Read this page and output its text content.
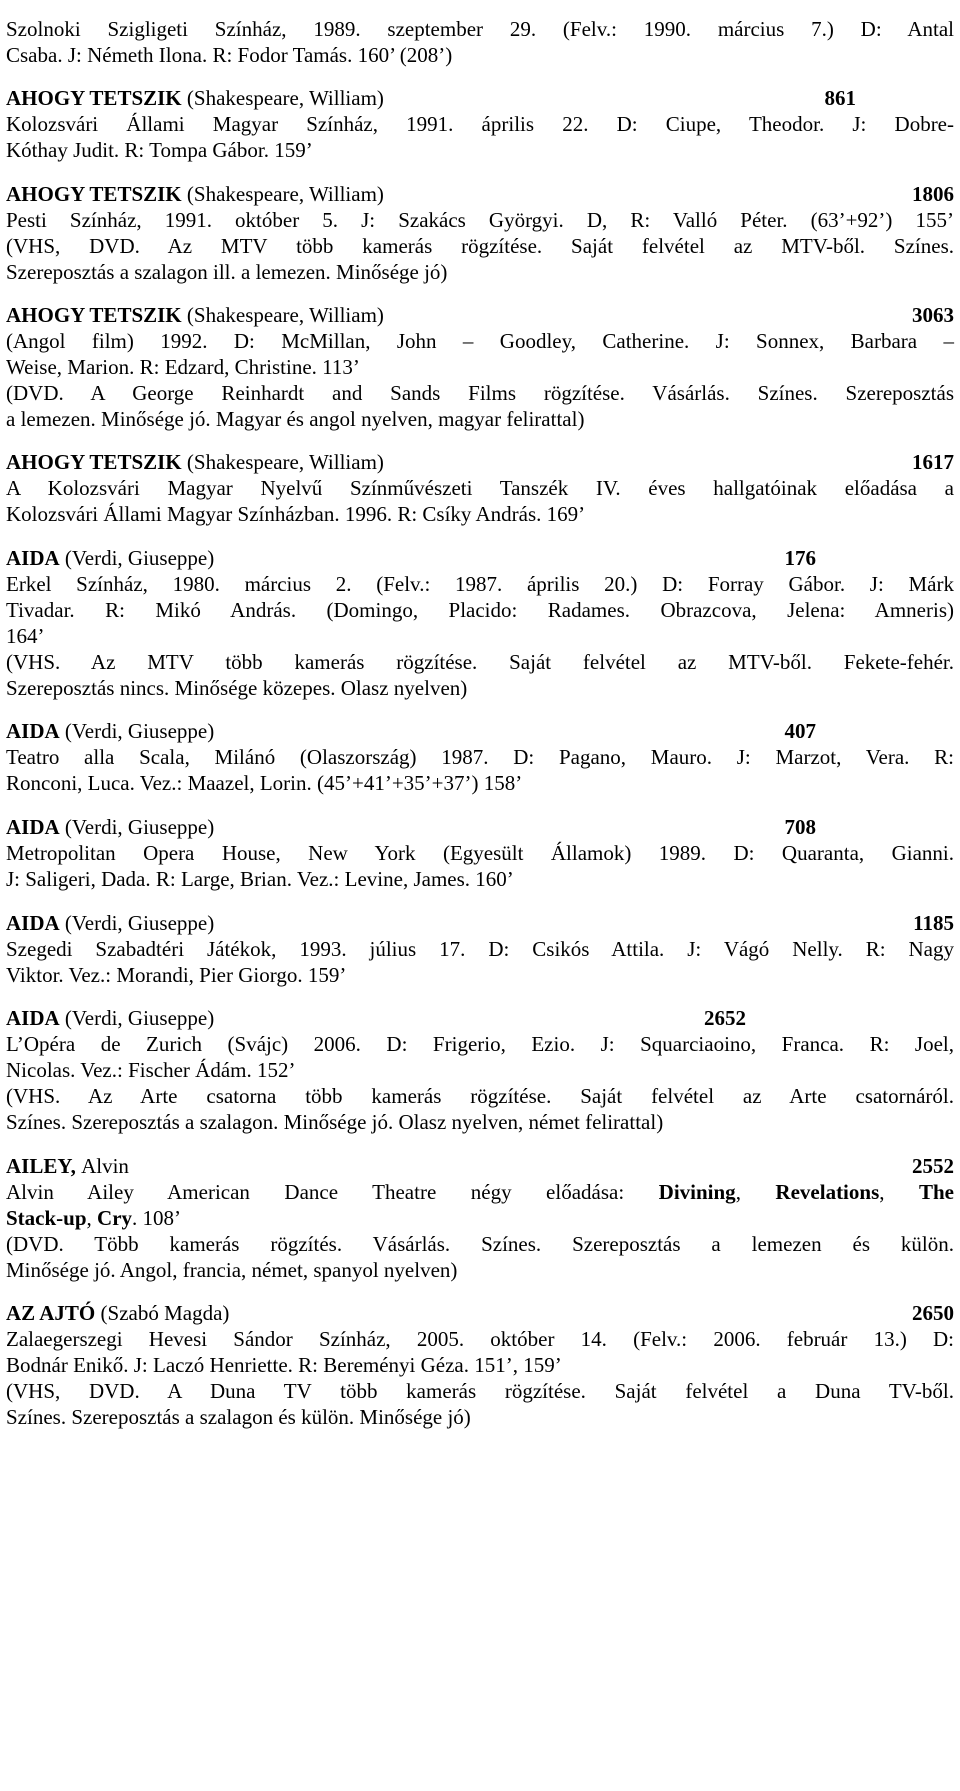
Szolnoki Szigligeti Színház, 1989. szeptember 29. (Felv.: 1990. március 7.) D: Antal
Csaba. J: Németh Ilona. R: Fodor Tamás. 160’ (208’)
AHOGY TETSZIK (Shakespeare, William)	861
Kolozsvári Állami Magyar Színház, 1991. április 22. D: Ciupe, Theodor. J: Dobre-
Kóthay Judit. R: Tompa Gábor. 159’
AHOGY TETSZIK (Shakespeare, William)	1806
Pesti Színház, 1991. október 5. J: Szakács Györgyi. D, R: Valló Péter. (63’+92’) 155’
(VHS, DVD. Az MTV több kamerás rögzítése. Saját felvétel az MTV-ből. Színes.
Szereposztás a szalagon ill. a lemezen. Minősége jó)
AHOGY TETSZIK (Shakespeare, William)	3063
(Angol film) 1992. D: McMillan, John – Goodley, Catherine. J: Sonnex, Barbara –
Weise, Marion. R: Edzard, Christine. 113’
(DVD. A George Reinhardt and Sands Films rögzítése. Vásárlás. Színes. Szereposztás
a lemezen. Minősége jó. Magyar és angol nyelven, magyar felirattal)
AHOGY TETSZIK (Shakespeare, William)	1617
A Kolozsvári Magyar Nyelvű Színművészeti Tanszék IV. éves hallgatóinak előadása a
Kolozsvári Állami Magyar Színházban. 1996. R: Csíky András. 169’
AIDA (Verdi, Giuseppe)	176
Erkel Színház, 1980. március 2. (Felv.: 1987. április 20.) D: Forray Gábor. J: Márk
Tivadar. R: Mikó András. (Domingo, Placido: Radames. Obrazcova, Jelena: Amneris)
164’
(VHS. Az MTV több kamerás rögzítése. Saját felvétel az MTV-ből. Fekete-fehér.
Szereposztás nincs. Minősége közepes. Olasz nyelven)
AIDA (Verdi, Giuseppe)	407
Teatro alla Scala, Milánó (Olaszország) 1987. D: Pagano, Mauro. J: Marzot, Vera. R:
Ronconi, Luca. Vez.: Maazel, Lorin. (45’+41’+35’+37’) 158’
AIDA (Verdi, Giuseppe)	708
Metropolitan Opera House, New York (Egyesült Államok) 1989. D: Quaranta, Gianni.
J: Saligeri, Dada. R: Large, Brian. Vez.: Levine, James. 160’
AIDA (Verdi, Giuseppe)	1185
Szegedi Szabadtéri Játékok, 1993. július 17. D: Csikós Attila. J: Vágó Nelly. R: Nagy
Viktor. Vez.: Morandi, Pier Giorgo. 159’
AIDA (Verdi, Giuseppe)	2652
L’Opéra de Zurich (Svájc) 2006. D: Frigerio, Ezio. J: Squarciaoino, Franca. R: Joel,
Nicolas. Vez.: Fischer Ádám. 152’
(VHS. Az Arte csatorna több kamerás rögzítése. Saját felvétel az Arte csatornáról.
Színes. Szereposztás a szalagon. Minősége jó. Olasz nyelven, német felirattal)
AILEY, Alvin	2552
Alvin Ailey American Dance Theatre négy előadása: Divining, Revelations, The
Stack-up, Cry. 108’
(DVD. Több kamerás rögzítés. Vásárlás. Színes. Szereposztás a lemezen és külön.
Minősége jó. Angol, francia, német, spanyol nyelven)
AZ AJTÓ (Szabó Magda)	2650
Zalaegerszegi Hevesi Sándor Színház, 2005. október 14. (Felv.: 2006. február 13.) D:
Bodnár Enikő. J: Laczó Henriette. R: Bereményi Géza. 151’, 159’
(VHS, DVD. A Duna TV több kamerás rögzítése. Saját felvétel a Duna TV-ből.
Színes. Szereposztás a szalagon és külön. Minősége jó)
